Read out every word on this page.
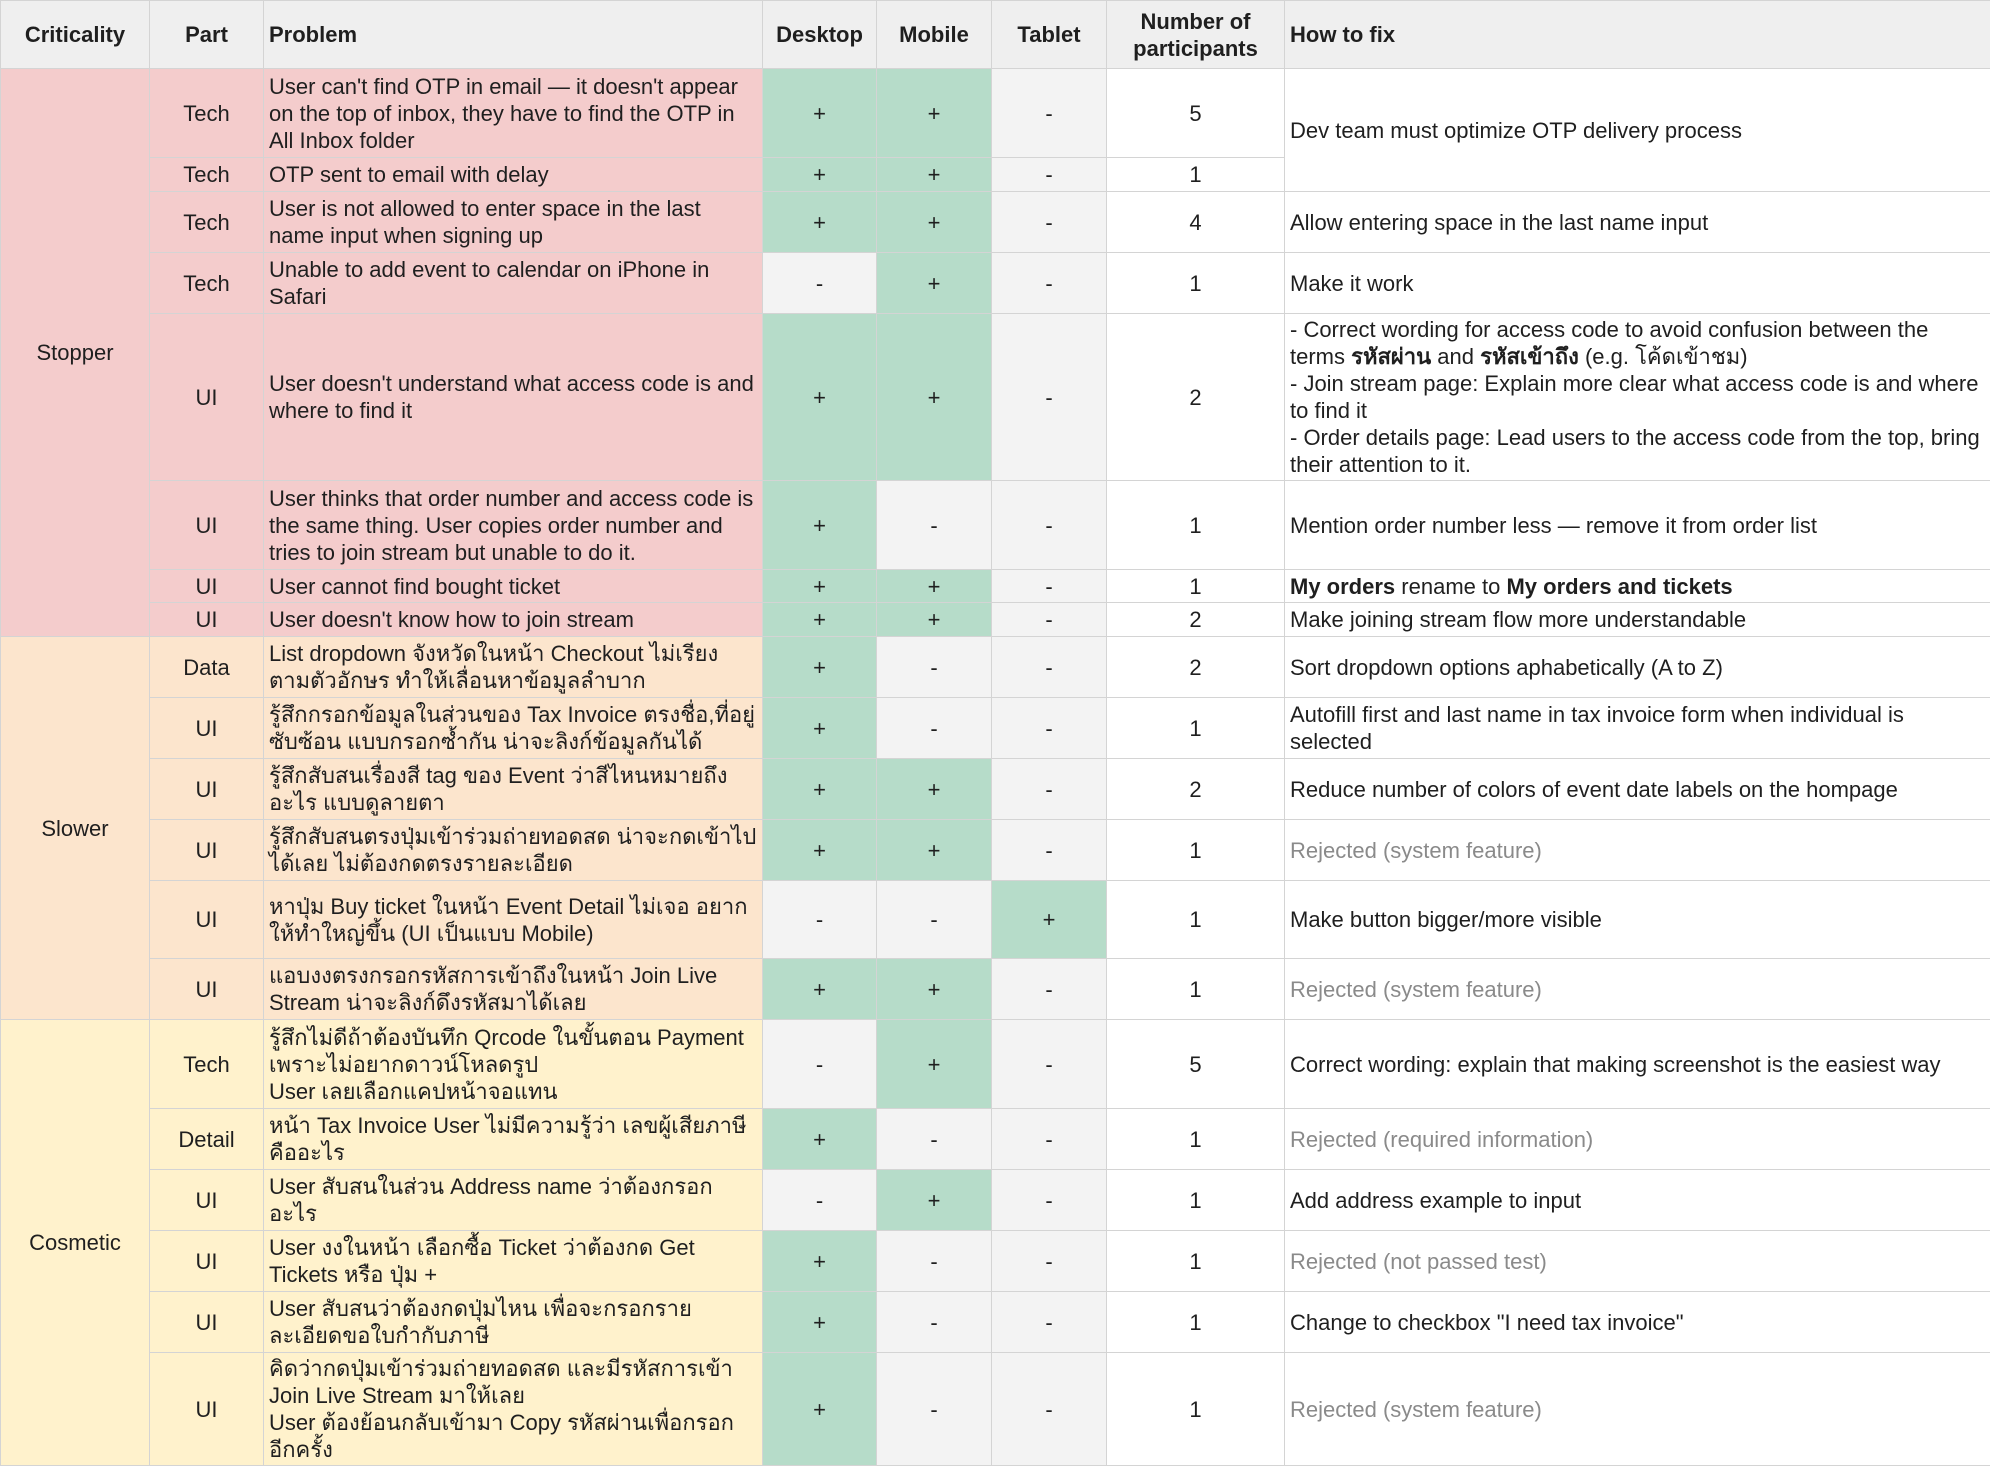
Criticality	Part	Problem	Desktop	Mobile	Tablet	Number of
participants	How to fix
Stopper	Tech	User can't find OTP in email — it doesn't appear on the top of inbox, they have to find the OTP in All Inbox folder	+	+	-	5	Dev team must optimize OTP delivery process
	Tech	OTP sent to email with delay	+	+	-	1	
	Tech	User is not allowed to enter space in the last name input when signing up	+	+	-	4	Allow entering space in the last name input
	Tech	Unable to add event to calendar on iPhone in Safari	-	+	-	1	Make it work
	UI	User doesn't understand what access code is and where to find it	+	+	-	2	- Correct wording for access code to avoid confusion between the terms รหัสผ่าน and รหัสเข้าถึง (e.g. โค้ดเข้าชม)
- Join stream page: Explain more clear what access code is and where to find it
- Order details page: Lead users to the access code from the top, bring their attention to it.

	UI	User thinks that order number and access code is the same thing. User copies order number and tries to join stream but unable to do it.	+	-	-	1	Mention order number less — remove it from order list
	UI	User cannot find bought ticket	+	+	-	1	My orders rename to My orders and tickets
	UI	User doesn't know how to join stream	+	+	-	2	Make joining stream flow more understandable
Slower	Data	List dropdown จังหวัดในหน้า Checkout ไม่เรียงตามตัวอักษร ทำให้เลื่อนหาข้อมูลลำบาก	+	-	-	2	Sort dropdown options aphabetically (A to Z)
	UI	รู้สึกกรอกข้อมูลในส่วนของ Tax Invoice ตรงชื่อ,ที่อยู่ ซับซ้อน แบบกรอกซ้ำกัน น่าจะลิงก์ข้อมูลกันได้	+	-	-	1	Autofill first and last name in tax invoice form when individual is selected
	UI	รู้สึกสับสนเรื่องสี tag ของ Event ว่าสีไหนหมายถึงอะไร แบบดูลายตา	+	+	-	2	Reduce number of colors of event date labels on the hompage
	UI	รู้สึกสับสนตรงปุ่มเข้าร่วมถ่ายทอดสด น่าจะกดเข้าไปได้เลย ไม่ต้องกดตรงรายละเอียด	+	+	-	1	Rejected (system feature)
	UI	หาปุ่ม Buy ticket ในหน้า Event Detail ไม่เจอ อยากให้ทำใหญ่ขึ้น (UI เป็นแบบ Mobile)	-	-	+	1	Make button bigger/more visible
	UI	แอบงงตรงกรอกรหัสการเข้าถึงในหน้า Join Live Stream น่าจะลิงก์ดึงรหัสมาได้เลย	+	+	-	1	Rejected (system feature)
Cosmetic	Tech	รู้สึกไม่ดีถ้าต้องบันทึก Qrcode ในขั้นตอน Payment เพราะไม่อยากดาวน์โหลดรูป
User เลยเลือกแคปหน้าจอแทน	-	+	-	5	Correct wording: explain that making screenshot is the easiest way
	Detail	หน้า Tax Invoice User ไม่มีความรู้ว่า เลขผู้เสียภาษีคืออะไร	+	-	-	1	Rejected (required information)
	UI	User สับสนในส่วน Address name ว่าต้องกรอกอะไร	-	+	-	1	Add address example to input
	UI	User งงในหน้า เลือกซื้อ Ticket ว่าต้องกด Get Tickets หรือ ปุ่ม +	+	-	-	1	Rejected (not passed test)
	UI	User สับสนว่าต้องกดปุ่มไหน เพื่อจะกรอกรายละเอียดขอใบกำกับภาษี	+	-	-	1	Change to checkbox "I need tax invoice"
	UI	คิดว่ากดปุ่มเข้าร่วมถ่ายทอดสด และมีรหัสการเข้า Join Live Stream มาให้เลย
User ต้องย้อนกลับเข้ามา Copy รหัสผ่านเพื่อกรอกอีกครั้ง	+	-	-	1	Rejected (system feature)
